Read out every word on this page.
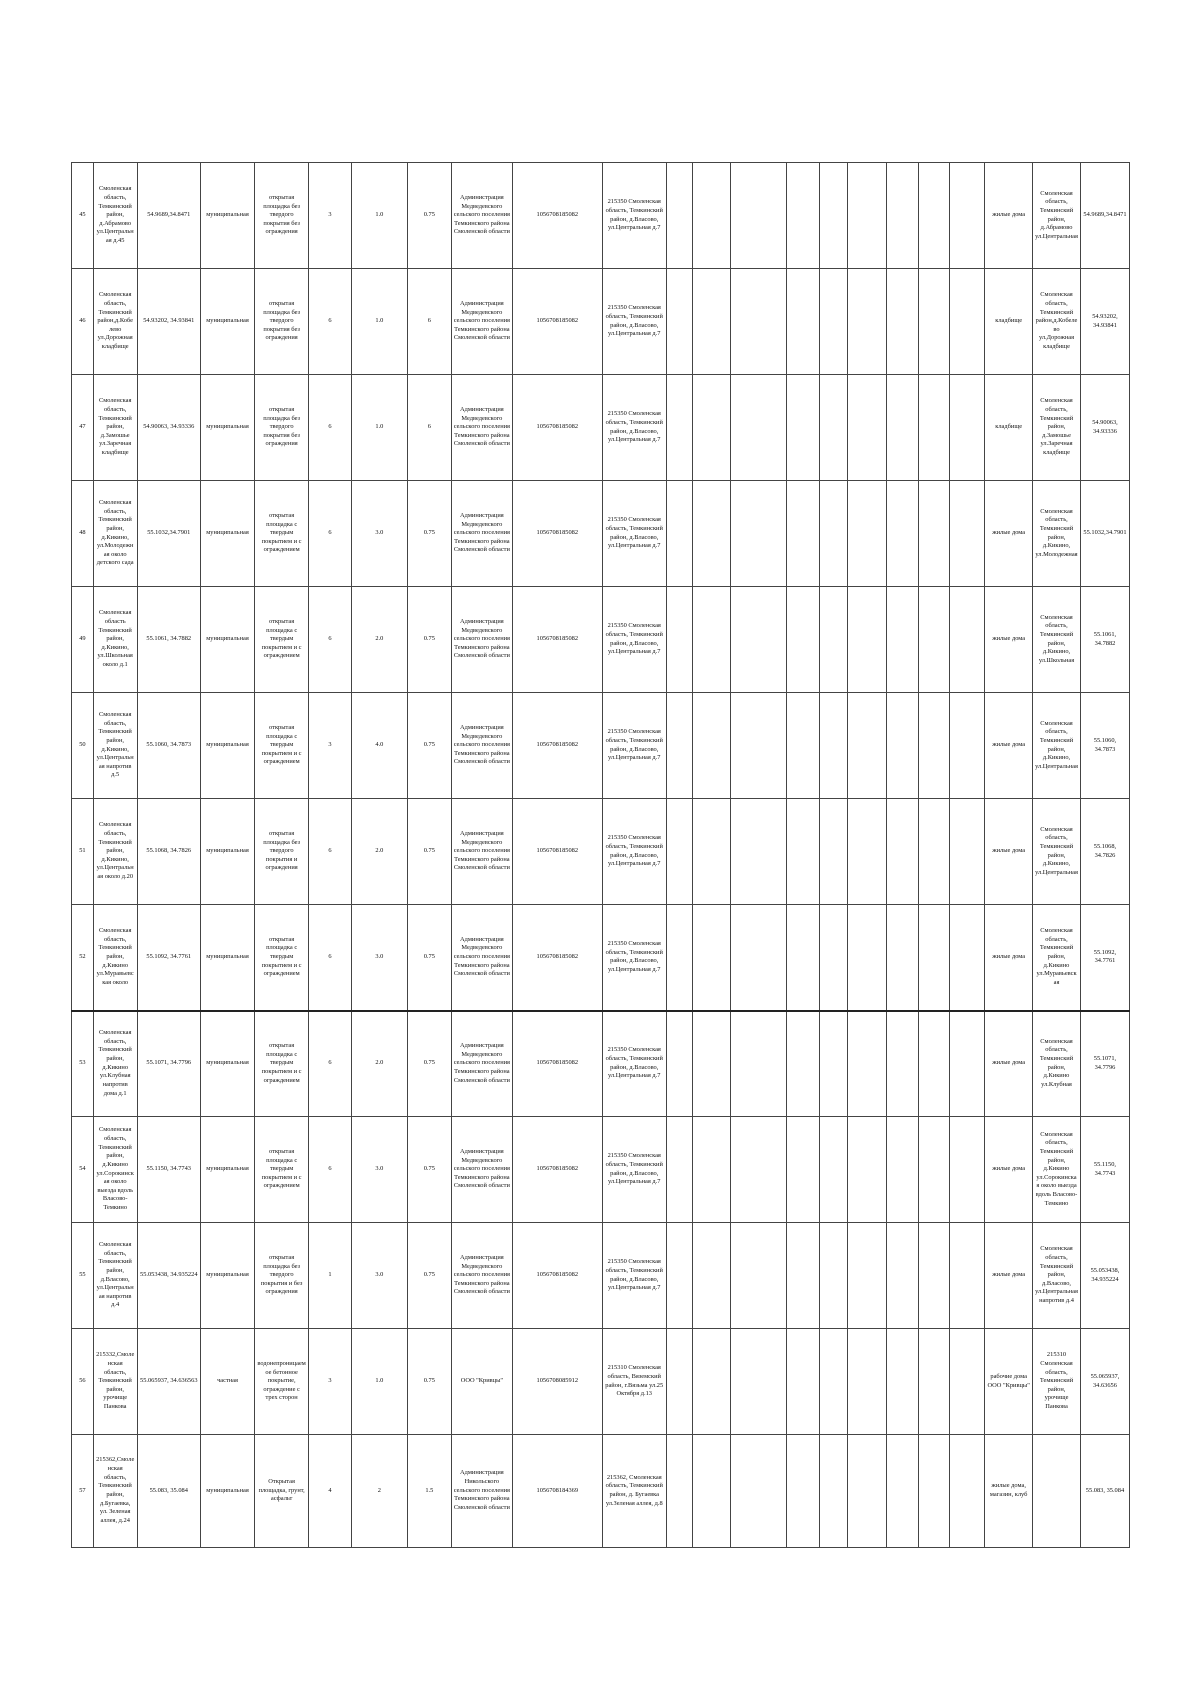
45	Смоленская область, Темкинский район, д.Абрамово ул.Центральная д.45	54.9689,34.8471	муниципальная	открытая площадка без твердого покрытия без ограждения	3	1.0	0.75	Администрация Медведевского сельского поселения Темкинского района Смоленской области	1056708185082	215350 Смоленская область, Темкинский район, д.Власово, ул.Центральная д.7										жилые дома	Смоленская область, Темкинский район, д.Абрамово ул.Центральная	54.9689,34.8471
46	Смоленская область, Темкинский район,д.Кобелево ул.Дорожная кладбище	54.93202, 34.93841	муниципальная	открытая площадка без твердого покрытия без ограждения	6	1.0	6	Администрация Медведевского сельского поселения Темкинского района Смоленской области	1056708185082	215350 Смоленская область, Темкинский район, д.Власово, ул.Центральная д.7										кладбище	Смоленская область, Темкинский район,д.Кобелево ул.Дорожная кладбище	54.93202, 34.93841
47	Смоленская область, Темкинский район, д.Замошье ул.Заречная кладбище	54.90063, 34.93336	муниципальная	открытая площадка без твердого покрытия без ограждения	6	1.0	6	Администрация Медведевского сельского поселения Темкинского района Смоленской области	1056708185082	215350 Смоленская область, Темкинский район, д.Власово, ул.Центральная д.7										кладбище	Смоленская область, Темкинский район, д.Замошье ул.Заречная кладбище	54.90063, 34.93336
48	Смоленская область, Темкинский район, д.Кикино, ул.Молодежная около детского сада	55.1032,34.7901	муниципальная	открытая площадка с твердым покрытием и с ограждением	6	3.0	0.75	Администрация Медведевского сельского поселения Темкинского района Смоленской области	1056708185082	215350 Смоленская область, Темкинский район, д.Власово, ул.Центральная д.7										жилые дома	Смоленская область, Темкинский район, д.Кикино, ул.Молодежная	55.1032,34.7901
49	Смоленская область Темкинский район, д.Кикино, ул.Школьная около д.1	55.1061, 34.7882	муниципальная	открытая площадка с твердым покрытием и с ограждением	6	2.0	0.75	Администрация Медведевского сельского поселения Темкинского района Смоленской области	1056708185082	215350 Смоленская область, Темкинский район, д.Власово, ул.Центральная д.7										жилые дома	Смоленская область, Темкинский район, д.Кикино, ул.Школьная	55.1061, 34.7882
50	Смоленская область, Темкинский район, д.Кикино, ул.Центральная напротив д.5	55.1060, 34.7873	муниципальная	открытая площадка с твердым покрытием и с ограждением	3	4.0	0.75	Администрация Медведевского сельского поселения Темкинского района Смоленской области	1056708185082	215350 Смоленская область, Темкинский район, д.Власово, ул.Центральная д.7										жилые дома	Смоленская область, Темкинский район, д.Кикино, ул.Центральная	55.1060, 34.7873
51	Смоленская область, Темкинский район, д.Кикино, ул.Центральная около д.20	55.1068, 34.7826	муниципальная	открытая площадка без твердого покрытия и ограждения	6	2.0	0.75	Администрация Медведевского сельского поселения Темкинского района Смоленской области	1056708185082	215350 Смоленская область, Темкинский район, д.Власово, ул.Центральная д.7										жилые дома	Смоленская область, Темкинский район, д.Кикино, ул.Центральная	55.1068, 34.7826
52	Смоленская область, Темкинский район, д.Кикино ул.Муравьевская около	55.1092, 34.7761	муниципальная	открытая площадка с твердым покрытием и с ограждением	6	3.0	0.75	Администрация Медведевского сельского поселения Темкинского района Смоленской области	1056708185082	215350 Смоленская область, Темкинский район, д.Власово, ул.Центральная д.7										жилые дома	Смоленская область, Темкинский район, д.Кикино ул.Муравьевская	55.1092, 34.7761
53	Смоленская область, Темкинский район, д.Кикино ул.Клубная напротив дома д.1	55.1071, 34.7796	муниципальная	открытая площадка с твердым покрытием и с ограждением	6	2.0	0.75	Администрация Медведевского сельского поселения Темкинского района Смоленской области	1056708185082	215350 Смоленская область, Темкинский район, д.Власово, ул.Центральная д.7										жилые дома	Смоленская область, Темкинский район, д.Кикино ул.Клубная	55.1071, 34.7796
54	Смоленская область, Темкинский район, д.Кикино ул.Сорокинская около выезда вдоль Власово-Темкино	55.1150, 34.7743	муниципальная	открытая площадка с твердым покрытием и с ограждением	6	3.0	0.75	Администрация Медведевского сельского поселения Темкинского района Смоленской области	1056708185082	215350 Смоленская область, Темкинский район, д.Власово, ул.Центральная д.7										жилые дома	Смоленская область, Темкинский район, д.Кикино ул.Сорокинская около выезда вдоль Власово-Темкино	55.1150, 34.7743
55	Смоленская область, Темкинский район, д.Власово, ул.Центральная напротив д.4	55.053438, 34.935224	муниципальная	открытая площадка без твердого покрытия и без ограждения	1	3.0	0.75	Администрация Медведевского сельского поселения Темкинского района Смоленской области	1056708185082	215350 Смоленская область, Темкинский район, д.Власово, ул.Центральная д.7										жилые дома	Смоленская область, Темкинский район, д.Власово, ул.Центральная напротив д.4	55.053438, 34.935224
56	215332,Смоленская область, Темкинский район, урочище Панкова	55.065937, 34.636563	частная	водонепроницаемое бетонное покрытие, ограждение с трех сторон	3	1.0	0.75	ООО "Кривцы"	1056708085912	215310 Смоленская область, Вяземский район, г.Вязьма ул.25 Октября д.13										рабочие дома ООО "Кривцы"	215310 Смоленская область, Темкинский район, урочище Панкова	55.065937, 34.63656
57	215362,Смоленская область, Темкинский район, д.Бугаевка, ул. Зеленая аллея, д.24	55.083, 35.084	муниципальная	Открытая площадка, грунт, асфальт	4	2	1.5	Администрация Никольского сельского поселения Темкинского района Смоленской области	1056708184369	215362, Смоленская область, Темкинский район, д. Бугаевка ул.Зеленая аллея, д.8										жилые дома, магазин, клуб		55.083, 35.084
